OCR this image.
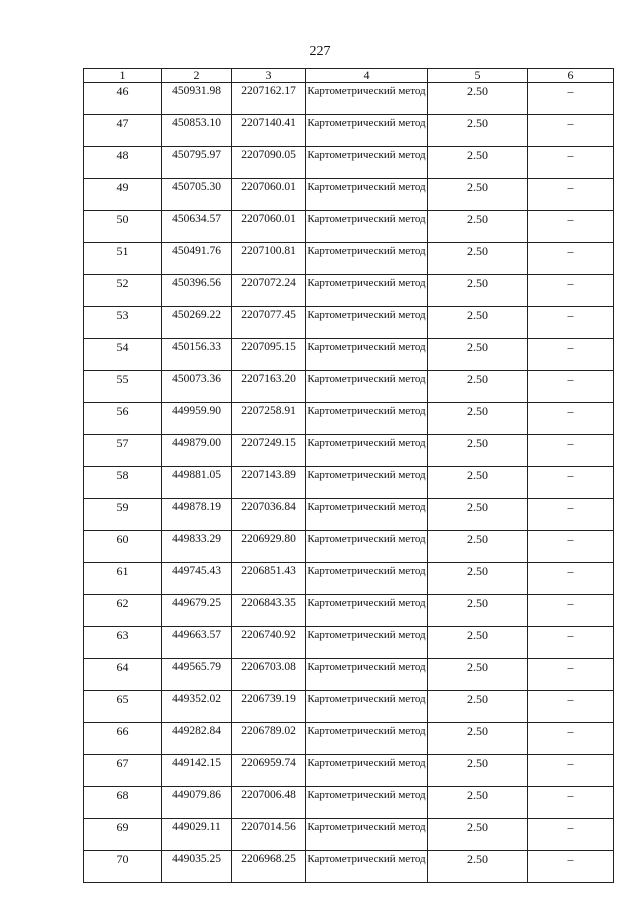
227
1	2	3	4	5	6
46	450931.98	2207162.17	Картометрический метод	2.50	–
47	450853.10	2207140.41	Картометрический метод	2.50	–
48	450795.97	2207090.05	Картометрический метод	2.50	–
49	450705.30	2207060.01	Картометрический метод	2.50	–
50	450634.57	2207060.01	Картометрический метод	2.50	–
51	450491.76	2207100.81	Картометрический метод	2.50	–
52	450396.56	2207072.24	Картометрический метод	2.50	–
53	450269.22	2207077.45	Картометрический метод	2.50	–
54	450156.33	2207095.15	Картометрический метод	2.50	–
55	450073.36	2207163.20	Картометрический метод	2.50	–
56	449959.90	2207258.91	Картометрический метод	2.50	–
57	449879.00	2207249.15	Картометрический метод	2.50	–
58	449881.05	2207143.89	Картометрический метод	2.50	–
59	449878.19	2207036.84	Картометрический метод	2.50	–
60	449833.29	2206929.80	Картометрический метод	2.50	–
61	449745.43	2206851.43	Картометрический метод	2.50	–
62	449679.25	2206843.35	Картометрический метод	2.50	–
63	449663.57	2206740.92	Картометрический метод	2.50	–
64	449565.79	2206703.08	Картометрический метод	2.50	–
65	449352.02	2206739.19	Картометрический метод	2.50	–
66	449282.84	2206789.02	Картометрический метод	2.50	–
67	449142.15	2206959.74	Картометрический метод	2.50	–
68	449079.86	2207006.48	Картометрический метод	2.50	–
69	449029.11	2207014.56	Картометрический метод	2.50	–
70	449035.25	2206968.25	Картометрический метод	2.50	–
